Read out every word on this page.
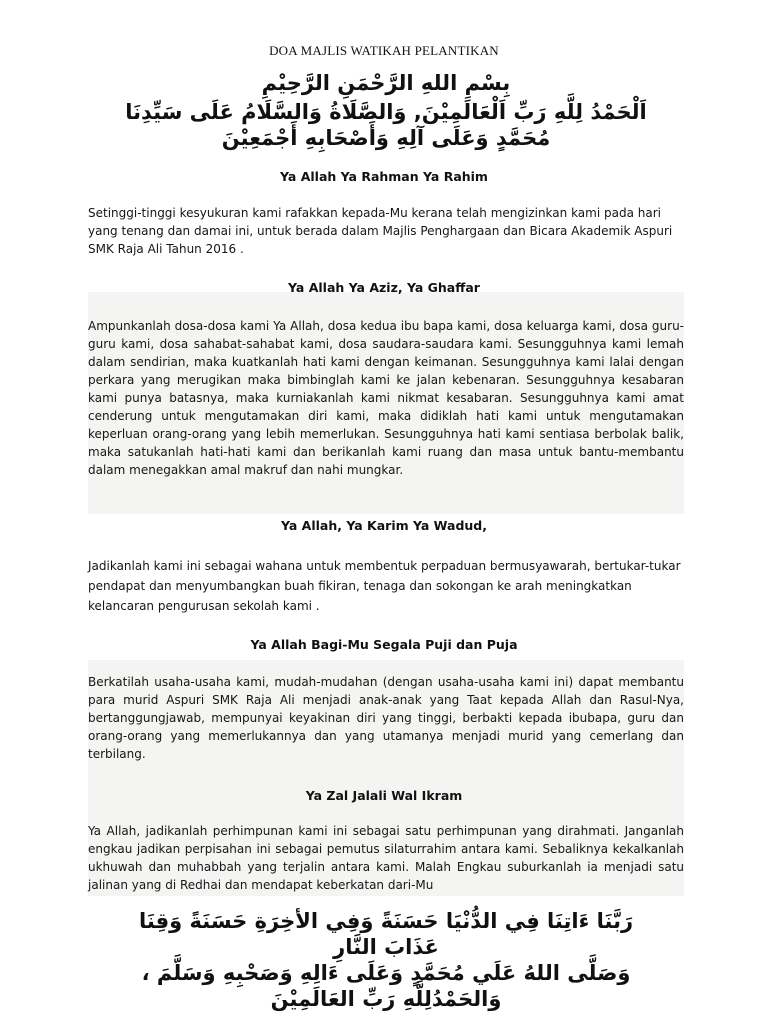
DOA MAJLIS WATIKAH PELANTIKAN

بِسْمِ اللهِ الرَّحْمَنِ الرَّحِيْمِ

اَلْحَمْدُ لِلَّهِ رَبِّ اَلْعَالَمِيْنَ, وَالصَّلَاةُ وَالسَّلَامُ عَلَى سَيِّدِنَا

مُحَمَّدٍ وَعَلَى آلِهِ وَأَصْحَابِهِ أَجْمَعِيْنَ

Ya Allah Ya Rahman Ya Rahim

Setinggi-tinggi kesyukuran kami rafakkan kepada-Mu kerana telah mengizinkan kami pada hari yang tenang dan damai ini, untuk berada dalam Majlis Penghargaan dan Bicara Akademik Aspuri SMK Raja Ali Tahun 2016 .

Ya Allah Ya Aziz, Ya Ghaffar

Ampunkanlah dosa-dosa kami Ya Allah, dosa kedua ibu bapa kami, dosa keluarga kami, dosa guru-guru kami, dosa sahabat-sahabat kami, dosa saudara-saudara kami. Sesungguhnya kami lemah dalam sendirian, maka kuatkanlah hati kami dengan keimanan. Sesungguhnya kami lalai dengan perkara yang merugikan maka bimbinglah kami ke jalan kebenaran. Sesungguhnya kesabaran kami punya batasnya, maka kurniakanlah kami nikmat kesabaran. Sesungguhnya kami amat cenderung untuk mengutamakan diri kami, maka didiklah hati kami untuk mengutamakan keperluan orang-orang yang lebih memerlukan. Sesungguhnya hati kami sentiasa berbolak balik, maka satukanlah hati-hati kami dan berikanlah kami ruang dan masa untuk bantu-membantu dalam menegakkan amal makruf dan nahi mungkar.

Ya Allah, Ya Karim Ya Wadud,

Jadikanlah kami ini sebagai wahana untuk membentuk perpaduan bermusyawarah, bertukar-tukar pendapat dan menyumbangkan buah fikiran, tenaga dan sokongan ke arah meningkatkan kelancaran pengurusan sekolah kami .

Ya Allah Bagi-Mu Segala Puji dan Puja

Berkatilah usaha-usaha kami, mudah-mudahan (dengan usaha-usaha kami ini) dapat membantu para murid Aspuri SMK Raja Ali menjadi anak-anak yang Taat kepada Allah dan Rasul-Nya, bertanggungjawab, mempunyai keyakinan diri yang tinggi, berbakti kepada ibubapa, guru dan orang-orang yang memerlukannya dan yang utamanya menjadi murid yang cemerlang dan terbilang.

Ya Zal Jalali Wal Ikram

Ya Allah, jadikanlah perhimpunan kami ini sebagai satu perhimpunan yang dirahmati. Janganlah engkau jadikan perpisahan ini sebagai pemutus silaturrahim antara kami. Sebaliknya kekalkanlah ukhuwah dan muhabbah yang terjalin antara kami. Malah Engkau suburkanlah ia menjadi satu jalinan yang di Redhai dan mendapat keberkatan dari-Mu

رَبَّنَا ءَاتِنَا فِي الدُّنْيَا حَسَنَةً وَفِي الأخِرَةِ حَسَنَةً وَقِنَا

عَذَابَ النَّارِ

وَصَلَّى اللهُ عَلَي مُحَمَّدٍ وَعَلَى ءَالِهِ وَصَحْبِهِ وَسَلَّمَ ،

وَالحَمْدُلِلَّهِ رَبِّ العَالَمِيْنَ
